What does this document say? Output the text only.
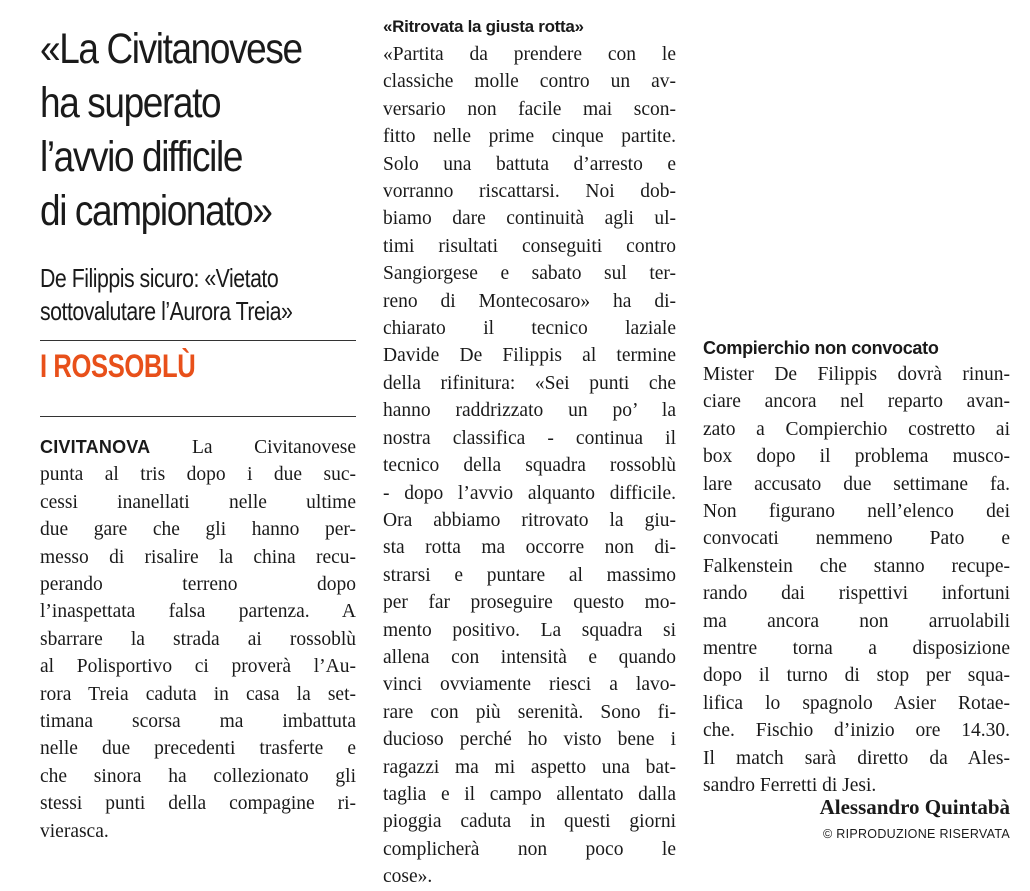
«La Civitanovese
ha superato
l’avvio difficile
di campionato»
De Filippis sicuro: «Vietato
sottovalutare l’Aurora Treia»
I ROSSOBLÙ

CIVITANOVA La Civitanovese
punta al tris dopo i due suc-
cessi inanellati nelle ultime
due gare che gli hanno per-
messo di risalire la china recu-
perando terreno dopo
l’inaspettata falsa partenza. A
sbarrare la strada ai rossoblù
al Polisportivo ci proverà l’Au-
rora Treia caduta in casa la set-
timana scorsa ma imbattuta
nelle due precedenti trasferte e
che sinora ha collezionato gli
stessi punti della compagine ri-
vierasca.

«Ritrovata la giusta rotta»

«Partita da prendere con le
classiche molle contro un av-
versario non facile mai scon-
fitto nelle prime cinque partite.
Solo una battuta d’arresto e
vorranno riscattarsi. Noi dob-
biamo dare continuità agli ul-
timi risultati conseguiti contro
Sangiorgese e sabato sul ter-
reno di Montecosaro» ha di-
chiarato il tecnico laziale
Davide De Filippis al termine
della rifinitura: «Sei punti che
hanno raddrizzato un po’ la
nostra classifica - continua il
tecnico della squadra rossoblù
- dopo l’avvio alquanto difficile.
Ora abbiamo ritrovato la giu-
sta rotta ma occorre non di-
strarsi e puntare al massimo
per far proseguire questo mo-
mento positivo. La squadra si
allena con intensità e quando
vinci ovviamente riesci a lavo-
rare con più serenità. Sono fi-
ducioso perché ho visto bene i
ragazzi ma mi aspetto una bat-
taglia e il campo allentato dalla
pioggia caduta in questi giorni
complicherà non poco le
cose».

Compierchio non convocato

Mister De Filippis dovrà rinun-
ciare ancora nel reparto avan-
zato a Compierchio costretto ai
box dopo il problema musco-
lare accusato due settimane fa.
Non figurano nell’elenco dei
convocati nemmeno Pato e
Falkenstein che stanno recupe-
rando dai rispettivi infortuni
ma ancora non arruolabili
mentre torna a disposizione
dopo il turno di stop per squa-
lifica lo spagnolo Asier Rotae-
che. Fischio d’inizio ore 14.30.
Il match sarà diretto da Ales-
sandro Ferretti di Jesi.

Alessandro Quintabà
© RIPRODUZIONE RISERVATA
